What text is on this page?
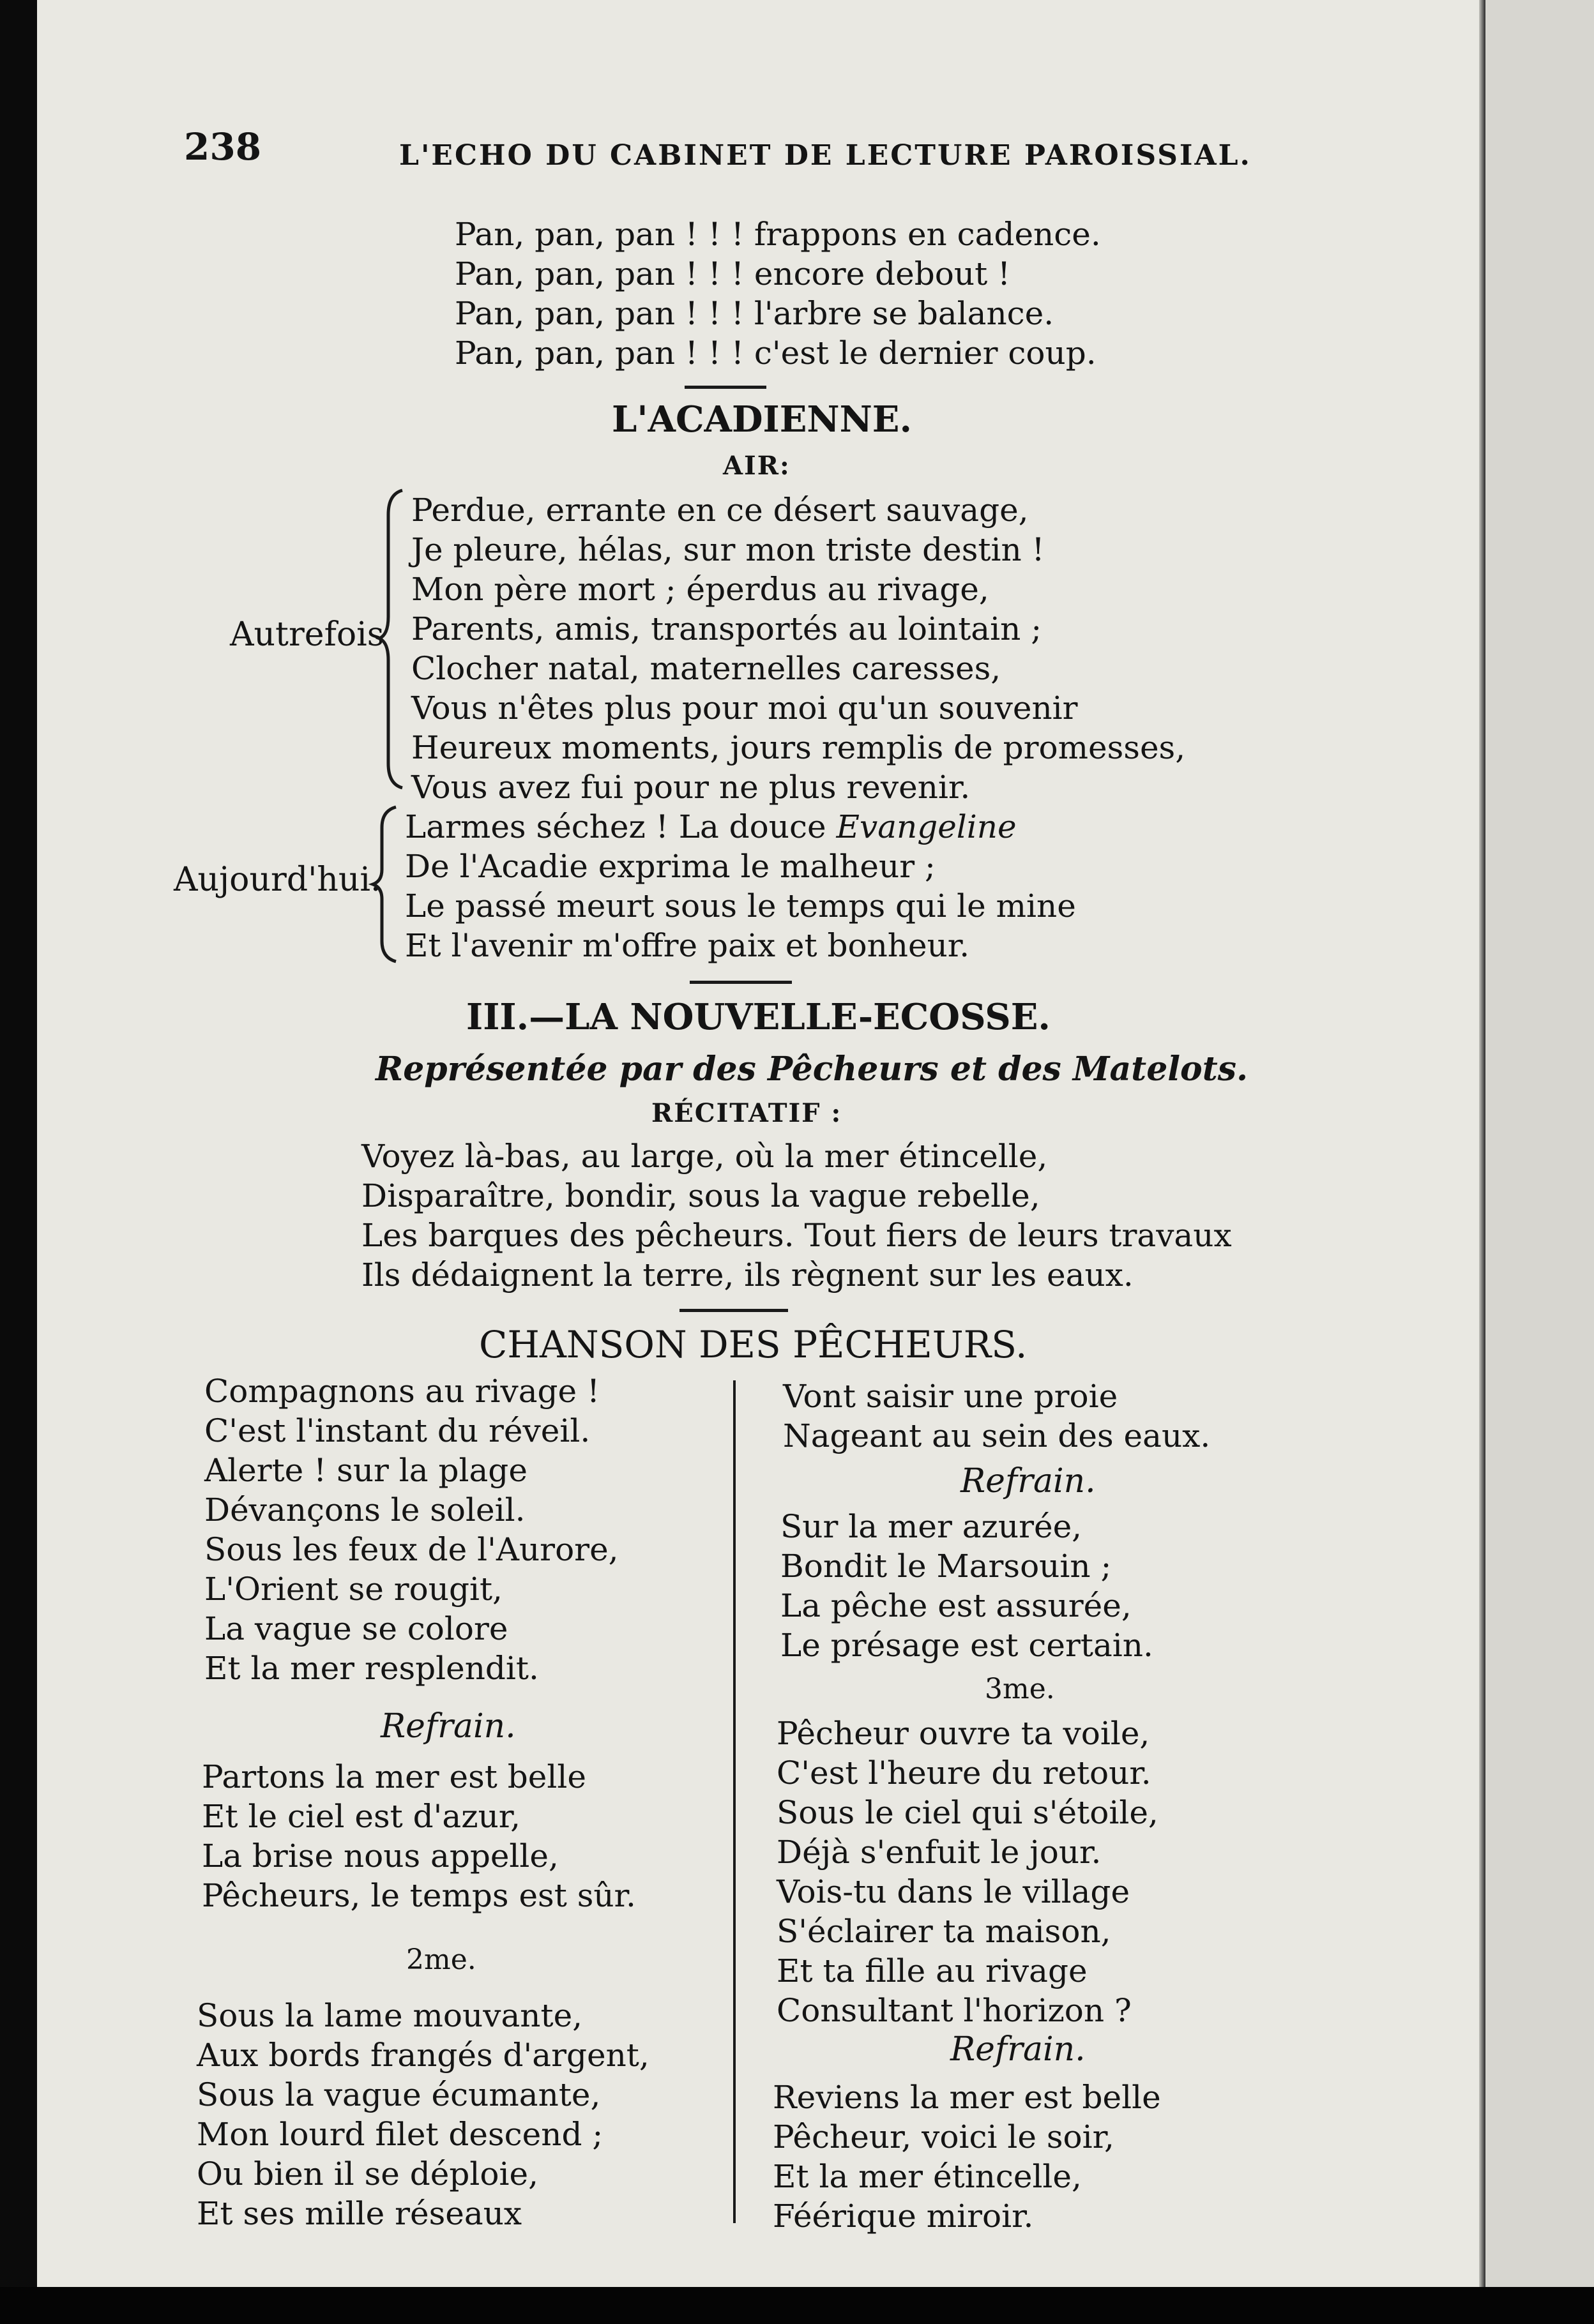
238	L'ECHO DU CABINET DE LECTURE PAROISSIAL.
Pan, pan, pan ! ! ! frappons en cadence.
Pan, pan, pan ! ! ! encore debout !
Pan, pan, pan ! ! ! l'arbre se balance.
Pan, pan, pan ! ! ! c'est le dernier coup.
L'ACADIENNE.
AIR:
Autrefois
Perdue, errante en ce désert sauvage,
Je pleure, hélas, sur mon triste destin !
Mon père mort ; éperdus au rivage,
Parents, amis, transportés au lointain ;
Clocher natal, maternelles caresses,
Vous n'êtes plus pour moi qu'un souvenir
Heureux moments, jours remplis de promesses,
Vous avez fui pour ne plus revenir.
Aujourd'hui.
Larmes séchez ! La douce Evangeline
De l'Acadie exprima le malheur ;
Le passé meurt sous le temps qui le mine
Et l'avenir m'offre paix et bonheur.
III.—LA NOUVELLE-ECOSSE.
Représentée par des Pêcheurs et des Matelots.
RÉCITATIF :
Voyez là-bas, au large, où la mer étincelle,
Disparaître, bondir, sous la vague rebelle,
Les barques des pêcheurs. Tout fiers de leurs travaux
Ils dédaignent la terre, ils règnent sur les eaux.
CHANSON DES PÊCHEURS.
Compagnons au rivage !
C'est l'instant du réveil.
Alerte ! sur la plage
Dévançons le soleil.
Sous les feux de l'Aurore,
L'Orient se rougit,
La vague se colore
Et la mer resplendit.
Refrain.
Partons la mer est belle
Et le ciel est d'azur,
La brise nous appelle,
Pêcheurs, le temps est sûr.
2me.
Sous la lame mouvante,
Aux bords frangés d'argent,
Sous la vague écumante,
Mon lourd filet descend ;
Ou bien il se déploie,
Et ses mille réseaux
Vont saisir une proie
Nageant au sein des eaux.
Refrain.
Sur la mer azurée,
Bondit le Marsouin ;
La pêche est assurée,
Le présage est certain.
3me.
Pêcheur ouvre ta voile,
C'est l'heure du retour.
Sous le ciel qui s'étoile,
Déjà s'enfuit le jour.
Vois-tu dans le village
S'éclairer ta maison,
Et ta fille au rivage
Consultant l'horizon ?
Refrain.
Reviens la mer est belle
Pêcheur, voici le soir,
Et la mer étincelle,
Féérique miroir.
